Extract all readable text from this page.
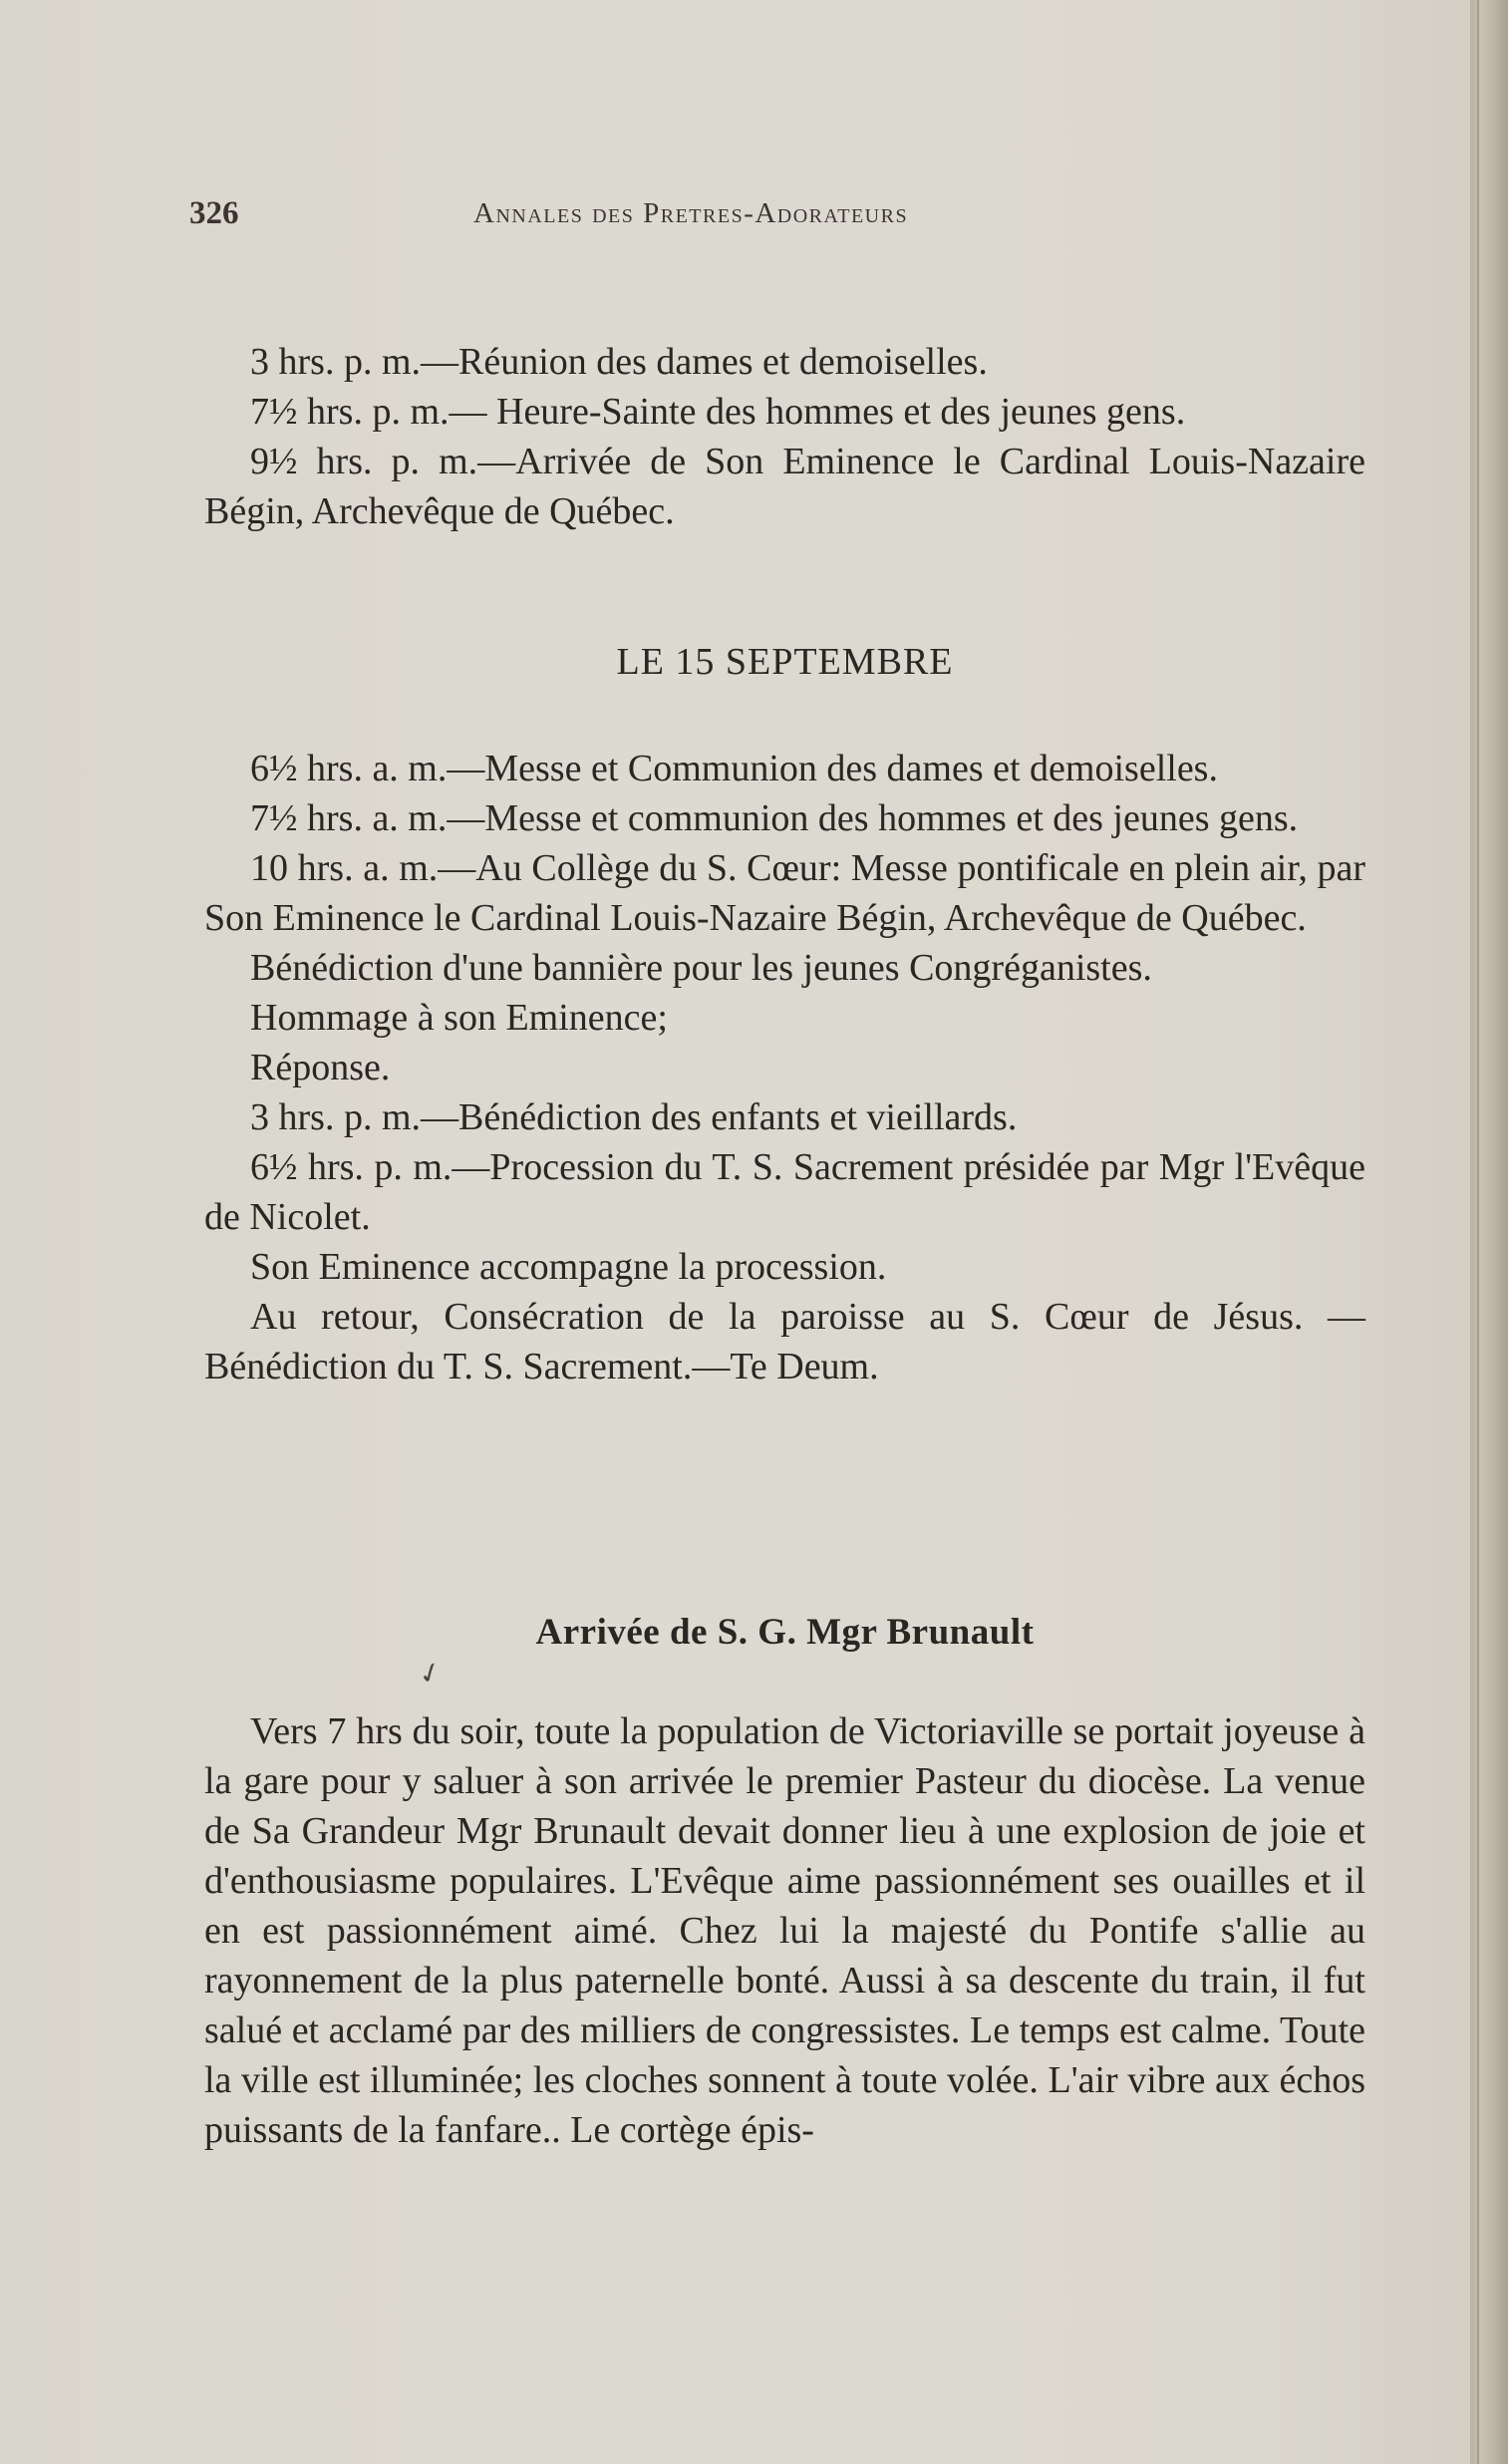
326	Annales des Pretres-Adorateurs

3 hrs. p. m.—Réunion des dames et demoiselles.

7½ hrs. p. m.— Heure-Sainte des hommes et des jeunes gens.

9½ hrs. p. m.—Arrivée de Son Eminence le Cardinal Louis-Nazaire Bégin, Archevêque de Québec.

LE 15 SEPTEMBRE

6½ hrs. a. m.—Messe et Communion des dames et demoiselles.

7½ hrs. a. m.—Messe et communion des hommes et des jeunes gens.

10 hrs. a. m.—Au Collège du S. Cœur: Messe pontificale en plein air, par Son Eminence le Cardinal Louis-Nazaire Bégin, Archevêque de Québec.

Bénédiction d'une bannière pour les jeunes Congréganistes.

Hommage à son Eminence;

Réponse.

3 hrs. p. m.—Bénédiction des enfants et vieillards.

6½ hrs. p. m.—Procession du T. S. Sacrement présidée par Mgr l'Evêque de Nicolet.

Son Eminence accompagne la procession.

Au retour, Consécration de la paroisse au S. Cœur de Jésus. —Bénédiction du T. S. Sacrement.—Te Deum.

✓
Arrivée de S. G. Mgr Brunault

Vers 7 hrs du soir, toute la population de Victoriaville se portait joyeuse à la gare pour y saluer à son arrivée le premier Pasteur du diocèse. La venue de Sa Grandeur Mgr Brunault devait donner lieu à une explosion de joie et d'enthousiasme populaires. L'Evêque aime passionnément ses ouailles et il en est passionnément aimé. Chez lui la majesté du Pontife s'allie au rayonnement de la plus paternelle bonté. Aussi à sa descente du train, il fut salué et acclamé par des milliers de congressistes. Le temps est calme. Toute la ville est illuminée; les cloches sonnent à toute volée. L'air vibre aux échos puissants de la fanfare.. Le cortège épis-
